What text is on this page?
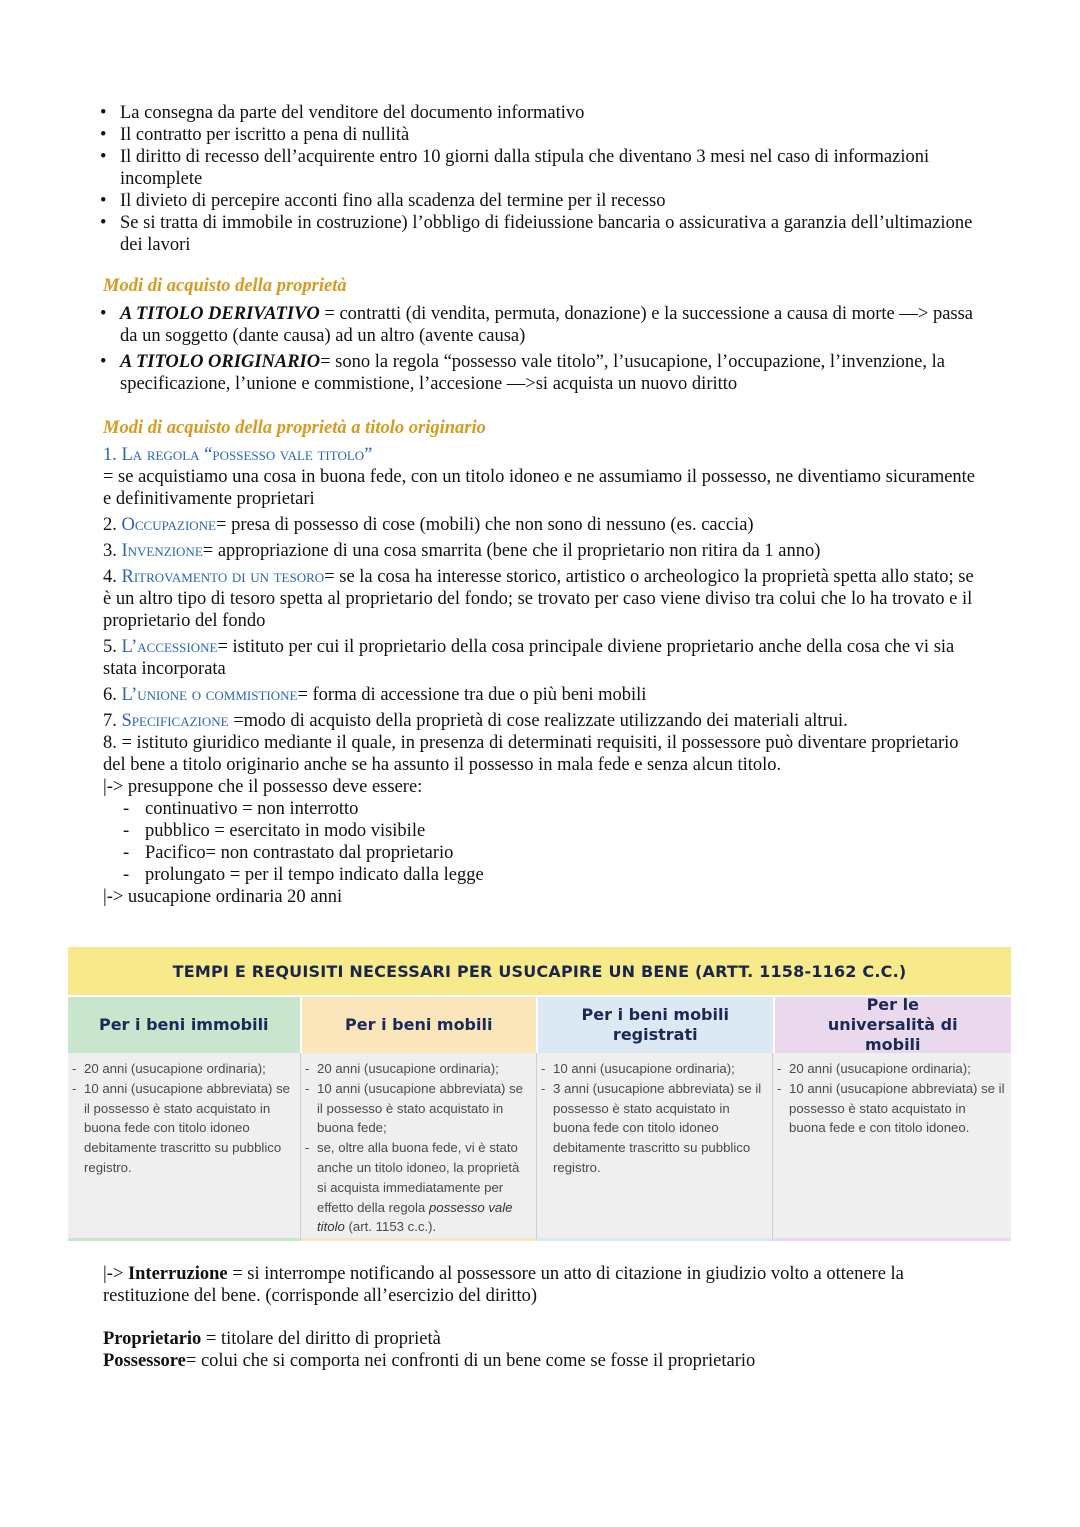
• La consegna da parte del venditore del documento informativo
• Il contratto per iscritto a pena di nullità
• Il diritto di recesso dell’acquirente entro 10 giorni dalla stipula che diventano 3 mesi nel caso di informazioni incomplete
• Il divieto di percepire acconti fino alla scadenza del termine per il recesso
• Se si tratta di immobile in costruzione) l’obbligo di fideiussione bancaria o assicurativa a garanzia dell’ultimazione dei lavori
Modi di acquisto della proprietà
• A TITOLO DERIVATIVO = contratti (di vendita, permuta, donazione) e la successione a causa di morte —> passa da un soggetto (dante causa) ad un altro (avente causa)
• A TITOLO ORIGINARIO= sono la regola “possesso vale titolo”, l’usucapione, l’occupazione, l’invenzione, la specificazione, l’unione e commistione, l’accesione —>si acquista un nuovo diritto
Modi di acquisto della proprietà a titolo originario
1. La regola “possesso vale titolo”
= se acquistiamo una cosa in buona fede, con un titolo idoneo e ne assumiamo il possesso, ne diventiamo sicuramente e definitivamente proprietari
2. Occupazione= presa di possesso di cose (mobili) che non sono di nessuno (es. caccia)
3. Invenzione= appropriazione di una cosa smarrita (bene che il proprietario non ritira da 1 anno)
4. Ritrovamento di un tesoro= se la cosa ha interesse storico, artistico o archeologico la proprietà spetta allo stato; se è un altro tipo di tesoro spetta al proprietario del fondo; se trovato per caso viene diviso tra colui che lo ha trovato e il proprietario del fondo
5. L’accessione= istituto per cui il proprietario della cosa principale diviene proprietario anche della cosa che vi sia stata incorporata
6. L’unione o commistione= forma di accessione tra due o più beni mobili
7. Specificazione =modo di acquisto della proprietà di cose realizzate utilizzando dei materiali altrui.
8. = istituto giuridico mediante il quale, in presenza di determinati requisiti, il possessore può diventare proprietario del bene a titolo originario anche se ha assunto il possesso in mala fede e senza alcun titolo.
|-> presuppone che il possesso deve essere:
- continuativo = non interrotto
- pubblico = esercitato in modo visibile
- Pacifico= non contrastato dal proprietario
- prolungato = per il tempo indicato dalla legge
|-> usucapione ordinaria 20 anni
TEMPI E REQUISITI NECESSARI PER USUCAPIRE UN BENE (ARTT. 1158-1162 C.C.)
Per i beni immobili	Per i beni mobili
Per i beni mobili registrati
Per le universalità di mobili
- 20 anni (usucapione ordinaria);
- 10 anni (usucapione abbreviata) se il possesso è stato acquistato in buona fede con titolo idoneo debitamente trascritto su pubblico registro.
- 20 anni (usucapione ordinaria);
- 10 anni (usucapione abbreviata) se il possesso è stato acquistato in buona fede;
- se, oltre alla buona fede, vi è stato anche un titolo idoneo, la proprietà si acquista immediatamente per effetto della regola possesso vale titolo (art. 1153 c.c.).
- 10 anni (usucapione ordinaria);
- 3 anni (usucapione abbreviata) se il possesso è stato acquistato in buona fede con titolo idoneo debitamente trascritto su pubblico registro.
- 20 anni (usucapione ordinaria);
- 10 anni (usucapione abbreviata) se il possesso è stato acquistato in buona fede e con titolo idoneo.
|-> Interruzione = si interrompe notificando al possessore un atto di citazione in giudizio volto a ottenere la restituzione del bene. (corrisponde all’esercizio del diritto)
Proprietario = titolare del diritto di proprietà
Possessore= colui che si comporta nei confronti di un bene come se fosse il proprietario
